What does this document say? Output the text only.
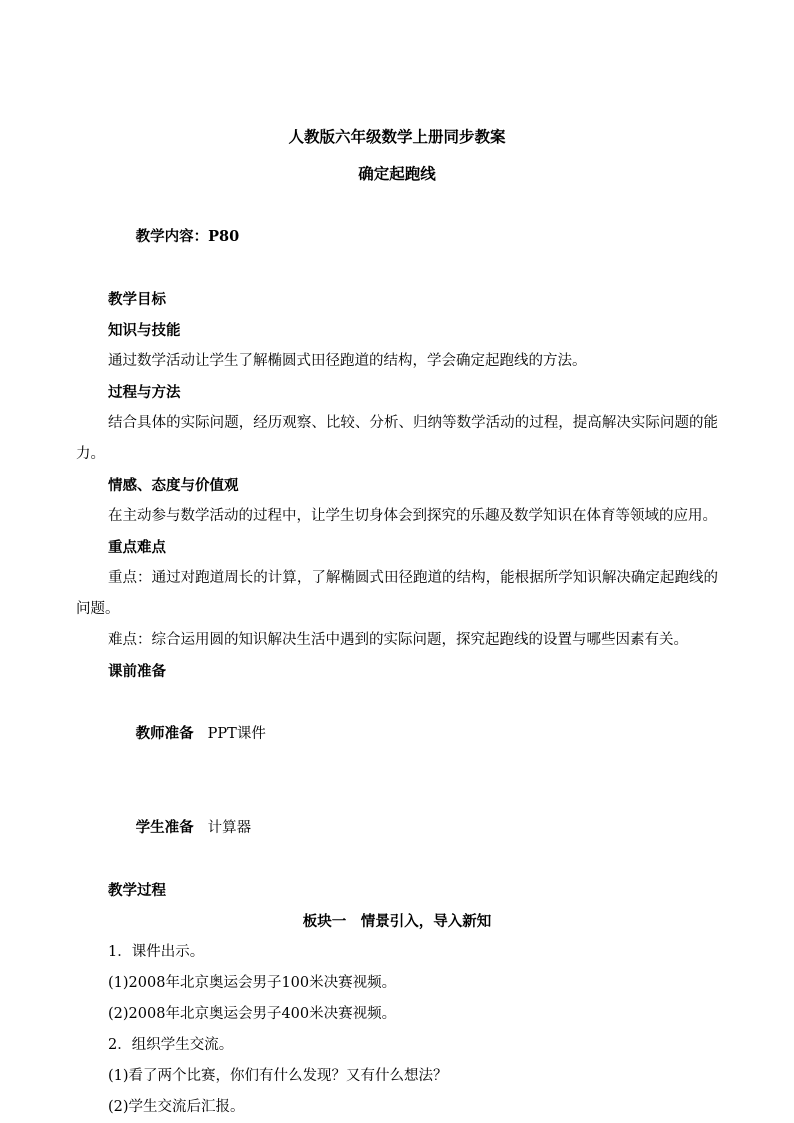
人教版六年级数学上册同步教案
确定起跑线

教学内容：P80

教学目标
知识与技能
通过数学活动让学生了解椭圆式田径跑道的结构，学会确定起跑线的方法。
过程与方法
结合具体的实际问题，经历观察、比较、分析、归纳等数学活动的过程，提高解决实际问题的能力。
情感、态度与价值观
在主动参与数学活动的过程中，让学生切身体会到探究的乐趣及数学知识在体育等领域的应用。
重点难点
重点：通过对跑道周长的计算，了解椭圆式田径跑道的结构，能根据所学知识解决确定起跑线的问题。
难点：综合运用圆的知识解决生活中遇到的实际问题，探究起跑线的设置与哪些因素有关。
课前准备

教师准备 PPT课件

学生准备 计算器

教学过程
板块一　情景引入，导入新知
1．课件出示。
(1)2008年北京奥运会男子100米决赛视频。
(2)2008年北京奥运会男子400米决赛视频。
2．组织学生交流。
(1)看了两个比赛，你们有什么发现？又有什么想法？
(2)学生交流后汇报。
